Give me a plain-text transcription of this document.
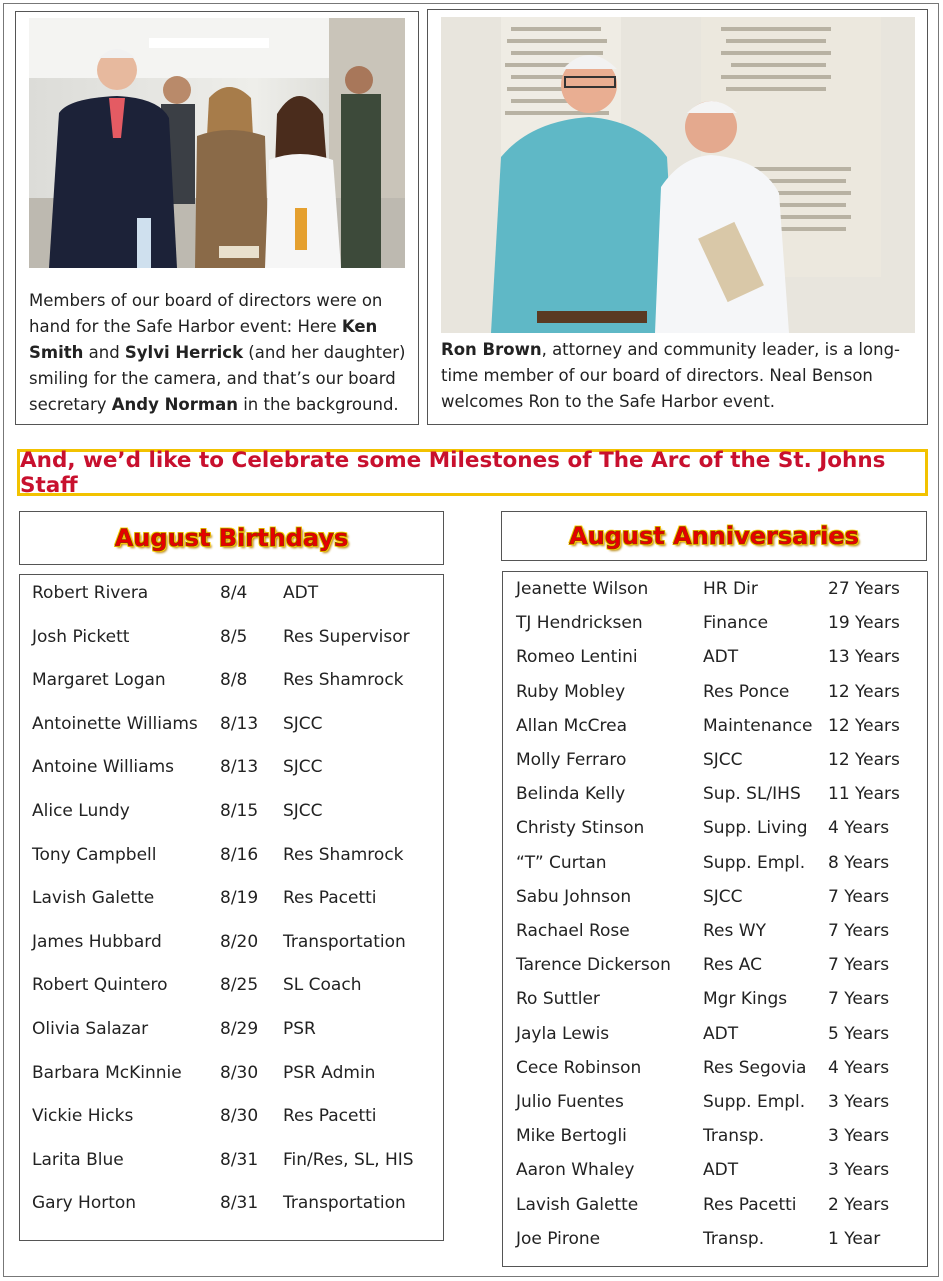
Members of our board of directors were on hand for the Safe Harbor event: Here Ken Smith and Sylvi Herrick (and her daughter) smiling for the camera, and that’s our board secretary Andy Norman in the background.
Ron Brown, attorney and community leader, is a long-time member of our board of directors. Neal Benson welcomes Ron to the Safe Harbor event.
And, we’d like to Celebrate some Milestones of The Arc of the St. Johns Staff
August Birthdays
Robert Rivera	8/4 ADT
Josh Pickett	8/5 Res Supervisor
Margaret Logan	8/8 Res Shamrock
Antoinette Williams 8/13 SJCC
Antoine Williams	8/13 SJCC
Alice Lundy	8/15 SJCC
Tony Campbell	8/16 Res Shamrock
Lavish Galette	8/19 Res Pacetti
James Hubbard	8/20 Transportation
Robert Quintero	8/25 SL Coach
Olivia Salazar	8/29 PSR
Barbara McKinnie 8/30 PSR Admin
Vickie Hicks	8/30 Res Pacetti
Larita Blue	8/31 Fin/Res, SL, HIS
Gary Horton	8/31 Transportation
August Anniversaries
Jeanette Wilson	HR Dir	27 Years
TJ Hendricksen	Finance	19 Years
Romeo Lentini	ADT	13 Years
Ruby Mobley	Res Ponce 12 Years
Allan McCrea	Maintenance 12 Years
Molly Ferraro	SJCC	12 Years
Belinda Kelly	Sup. SL/IHS 11 Years
Christy Stinson	Supp. Living 4 Years
“T” Curtan	Supp. Empl. 8 Years
Sabu Johnson	SJCC	7 Years
Rachael Rose	Res WY	7 Years
Tarence Dickerson Res AC	7 Years
Ro Suttler	Mgr Kings 7 Years
Jayla Lewis	ADT	5 Years
Cece Robinson	Res Segovia 4 Years
Julio Fuentes	Supp. Empl. 3 Years
Mike Bertogli	Transp.	3 Years
Aaron Whaley	ADT	3 Years
Lavish Galette	Res Pacetti 2 Years
Joe Pirone	Transp.	1 Year
